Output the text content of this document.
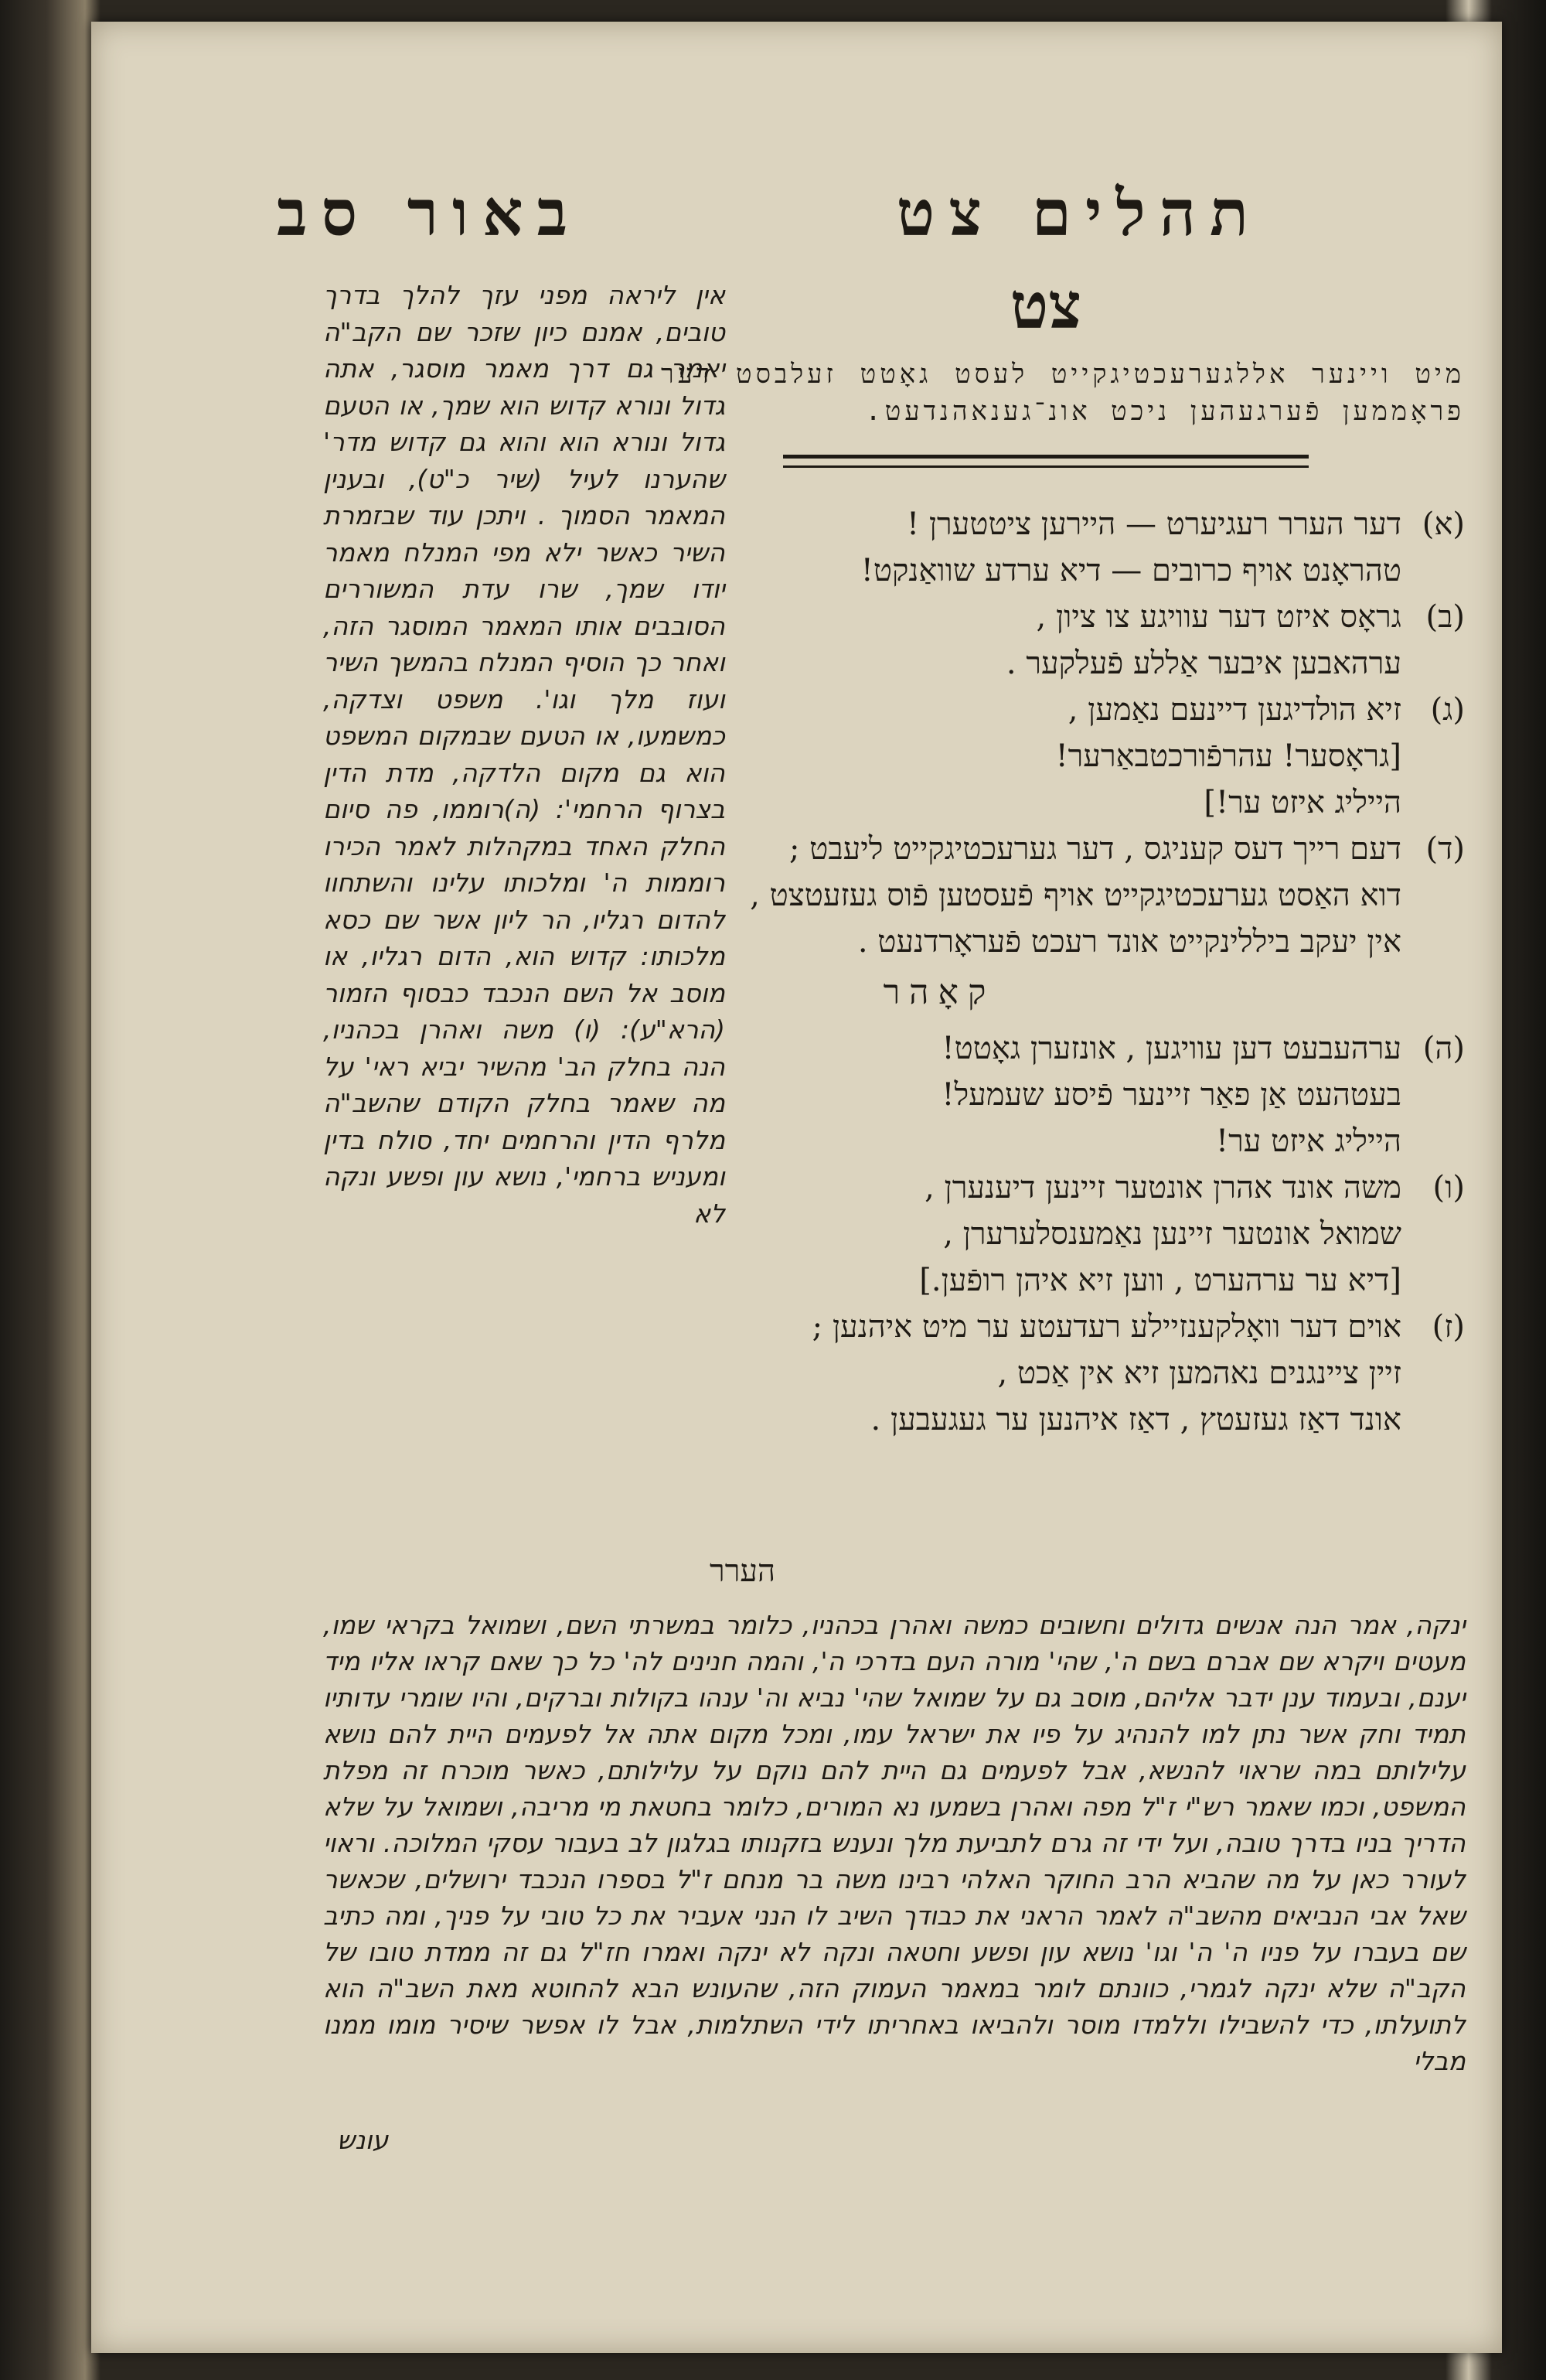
באור סב	תהלים צט
צט
מיט ויינער אללגערעכטיגקייט לעסט גאָטט זעלבסט דער פראָממען פֿערגעהען ניכט אונ־גענאהנדעט.
(א)דער הערר רעגיערט — היירען ציטטערן !
טהראָנט אויף כרובים — דיא ערדע שוואַנקט!
(ב)גראָס איזט דער עוויגע צו ציון ,
ערהאבען איבער אַללע פֿעלקער .
(ג)זיא הולדיגען דיינעם נאַמען ,
[גראָסער! עהרפֿורכטבאַרער!
הייליג איזט ער!]
(ד)דעם רייך דעס קעניגס , דער גערעכטיגקייט ליעבט ;
דוא האַסט גערעכטיגקייט אויף פֿעסטען פֿוס געזעטצט ,
אין יעקב ביללינקייט אונד רעכט פֿעראָרדנעט .
קאָהר
(ה)ערהעבעט דען עוויגען , אונזערן גאָטט!
בעטהעט אַן פאַר זיינער פֿיסע שעמעל!
הייליג איזט ער!
(ו)משה אונד אהרן אונטער זיינען דיענערן ,
שמואל אונטער זיינען נאַמענסלערערן ,
[דיא ער ערהערט , ווען זיא איהן רופֿען.]
(ז)אוים דער וואָלקענזיילע רעדעטע ער מיט איהנען ;
זיין ציינגנים נאהמען זיא אין אַכט ,
אונד דאַז געזעטץ , דאַז איהנען ער געגעבען .
הערר
אין ליראה מפני עזך להלך בדרך טובים, אמנם כיון שזכר שם הקב"ה יאמר גם דרך מאמר מוסגר, אתה גדול ונורא קדוש הוא שמך, או הטעם גדול ונורא הוא והוא גם קדוש מדר' שהערנו לעיל (שיר כ"ט), ובענין המאמר הסמוך . ויתכן עוד שבזמרת השיר כאשר ילא מפי המנלח מאמר יודו שמך, שרו עדת המשוררים הסובבים אותו המאמר המוסגר הזה, ואחר כך הוסיף המנלח בהמשך השיר ועוז מלך וגו'. משפט וצדקה, כמשמעו, או הטעם שבמקום המשפט הוא גם מקום הלדקה, מדת הדין בצרוף הרחמי': (ה)רוממו, פה סיום החלק האחד במקהלות לאמר הכירו רוממות ה' ומלכותו עלינו והשתחוו להדום רגליו, הר ליון אשר שם כסא מלכותו: קדוש הוא, הדום רגליו, או מוסב אל השם הנכבד כבסוף הזמור (הרא"ע): (ו) משה ואהרן בכהניו, הנה בחלק הב' מהשיר יביא ראי' על מה שאמר בחלק הקודם שהשב"ה מלרף הדין והרחמים יחד, סולח בדין ומעניש ברחמי', נושא עון ופשע ונקה לא
ינקה, אמר הנה אנשים גדולים וחשובים כמשה ואהרן בכהניו, כלומר במשרתי השם, ושמואל בקראי שמו, מעטים ויקרא שם אברם בשם ה', שהי' מורה העם בדרכי ה', והמה חנינים לה' כל כך שאם קראו אליו מיד יענם, ובעמוד ענן ידבר אליהם, מוסב גם על שמואל שהי' נביא וה' ענהו בקולות וברקים, והיו שומרי עדותיו תמיד וחק אשר נתן למו להנהיג על פיו את ישראל עמו, ומכל מקום אתה אל לפעמים היית להם נושא עלילותם במה שראוי להנשא, אבל לפעמים גם היית להם נוקם על עלילותם, כאשר מוכרח זה מפלת המשפט, וכמו שאמר רש"י ז"ל מפה ואהרן בשמעו נא המורים, כלומר בחטאת מי מריבה, ושמואל על שלא הדריך בניו בדרך טובה, ועל ידי זה גרם לתביעת מלך ונענש בזקנותו בגלגון לב בעבור עסקי המלוכה. וראוי לעורר כאן על מה שהביא הרב החוקר האלהי רבינו משה בר מנחם ז"ל בספרו הנכבד ירושלים, שכאשר שאל אבי הנביאים מהשב"ה לאמר הראני את כבודך השיב לו הנני אעביר את כל טובי על פניך, ומה כתיב שם בעברו על פניו ה' ה' וגו' נושא עון ופשע וחטאה ונקה לא ינקה ואמרו חז"ל גם זה ממדת טובו של הקב"ה שלא ינקה לגמרי, כוונתם לומר במאמר העמוק הזה, שהעונש הבא להחוטא מאת השב"ה הוא לתועלתו, כדי להשבילו וללמדו מוסר ולהביאו באחריתו לידי השתלמות, אבל לו אפשר שיסיר מומו ממנו מבלי
עונש
